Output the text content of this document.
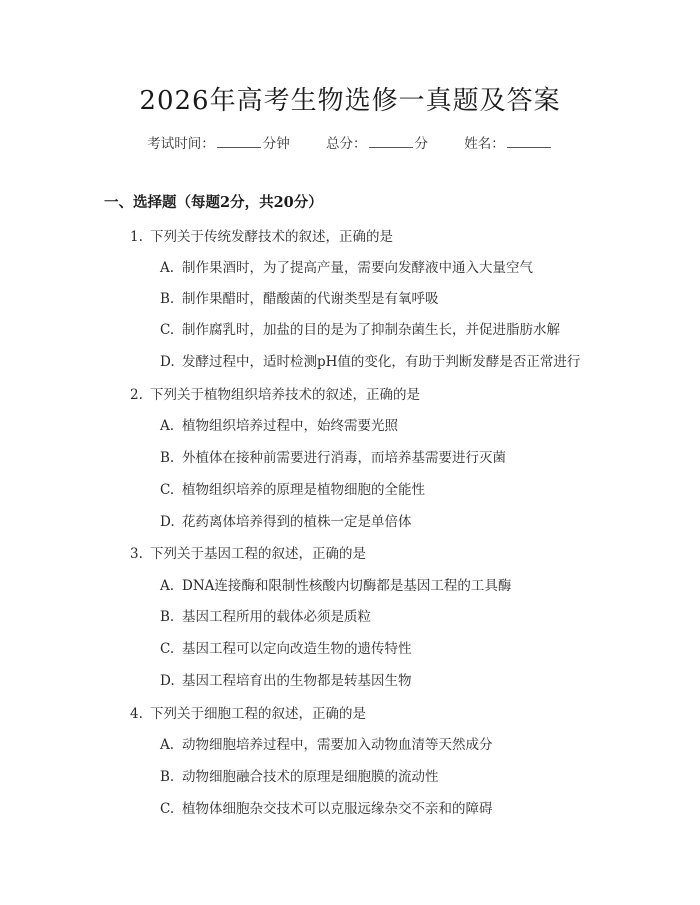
2026年高考生物选修一真题及答案
考试时间：	分钟	总分：	分	姓名：
一、选择题（每题2分，共20分）
1. 下列关于传统发酵技术的叙述，正确的是
A. 制作果酒时，为了提高产量，需要向发酵液中通入大量空气
B. 制作果醋时，醋酸菌的代谢类型是有氧呼吸
C. 制作腐乳时，加盐的目的是为了抑制杂菌生长，并促进脂肪水解
D. 发酵过程中，适时检测pH值的变化，有助于判断发酵是否正常进行
2. 下列关于植物组织培养技术的叙述，正确的是
A. 植物组织培养过程中，始终需要光照
B. 外植体在接种前需要进行消毒，而培养基需要进行灭菌
C. 植物组织培养的原理是植物细胞的全能性
D. 花药离体培养得到的植株一定是单倍体
3. 下列关于基因工程的叙述，正确的是
A. DNA连接酶和限制性核酸内切酶都是基因工程的工具酶
B. 基因工程所用的载体必须是质粒
C. 基因工程可以定向改造生物的遗传特性
D. 基因工程培育出的生物都是转基因生物
4. 下列关于细胞工程的叙述，正确的是
A. 动物细胞培养过程中，需要加入动物血清等天然成分
B. 动物细胞融合技术的原理是细胞膜的流动性
C. 植物体细胞杂交技术可以克服远缘杂交不亲和的障碍
